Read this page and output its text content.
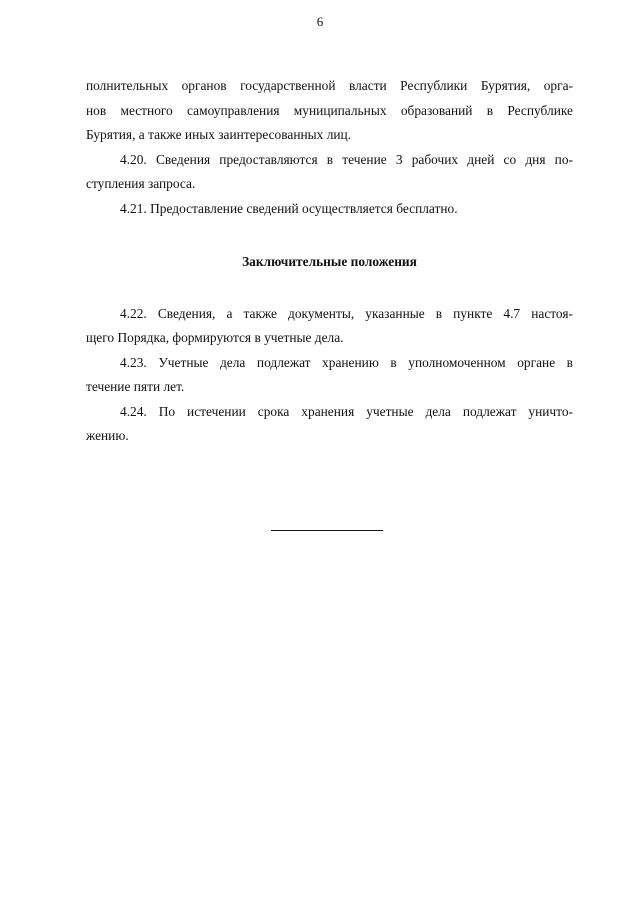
6
полнительных органов государственной власти Республики Бурятия, орга-
нов местного самоуправления муниципальных образований в Республике
Бурятия, а также иных заинтересованных лиц.
4.20. Сведения предоставляются в течение 3 рабочих дней со дня по-
ступления запроса.
4.21. Предоставление сведений осуществляется бесплатно.
Заключительные положения
4.22. Сведения, а также документы, указанные в пункте 4.7 настоя-
щего Порядка, формируются в учетные дела.
4.23. Учетные дела подлежат хранению в уполномоченном органе в
течение пяти лет.
4.24. По истечении срока хранения учетные дела подлежат уничто-
жению.
